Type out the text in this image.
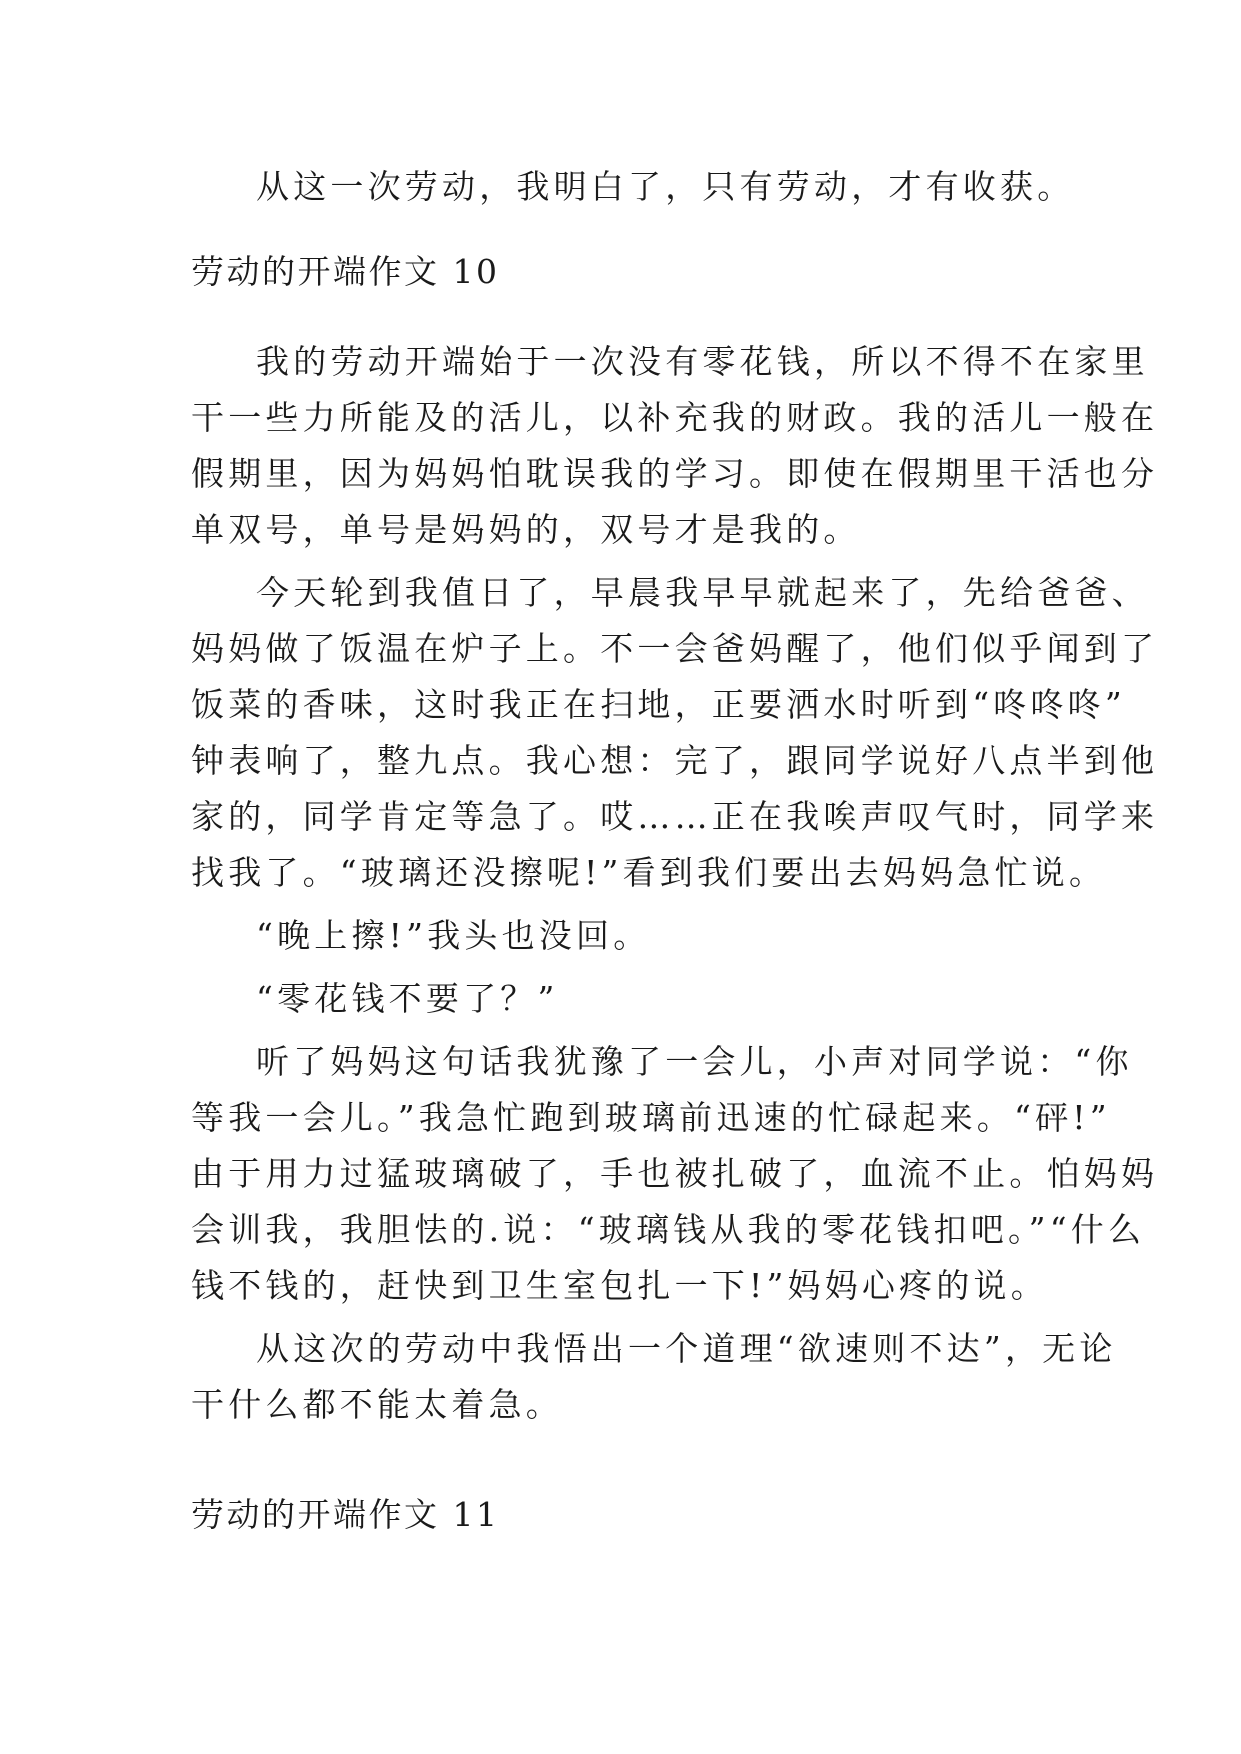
从这一次劳动，我明白了，只有劳动，才有收获。
劳动的开端作文 10
我的劳动开端始于一次没有零花钱，所以不得不在家里
干一些力所能及的活儿，以补充我的财政。我的活儿一般在
假期里，因为妈妈怕耽误我的学习。即使在假期里干活也分
单双号，单号是妈妈的，双号才是我的。
今天轮到我值日了，早晨我早早就起来了，先给爸爸、
妈妈做了饭温在炉子上。不一会爸妈醒了，他们似乎闻到了
饭菜的香味，这时我正在扫地，正要洒水时听到“咚咚咚”
钟表响了，整九点。我心想：完了，跟同学说好八点半到他
家的，同学肯定等急了。哎……正在我唉声叹气时，同学来
找我了。“玻璃还没擦呢!”看到我们要出去妈妈急忙说。
“晚上擦!”我头也没回。
“零花钱不要了？”
听了妈妈这句话我犹豫了一会儿，小声对同学说：“你
等我一会儿。”我急忙跑到玻璃前迅速的忙碌起来。“砰!”
由于用力过猛玻璃破了，手也被扎破了，血流不止。怕妈妈
会训我，我胆怯的.说：“玻璃钱从我的零花钱扣吧。”“什么
钱不钱的，赶快到卫生室包扎一下!”妈妈心疼的说。
从这次的劳动中我悟出一个道理“欲速则不达”，无论
干什么都不能太着急。
劳动的开端作文 11
